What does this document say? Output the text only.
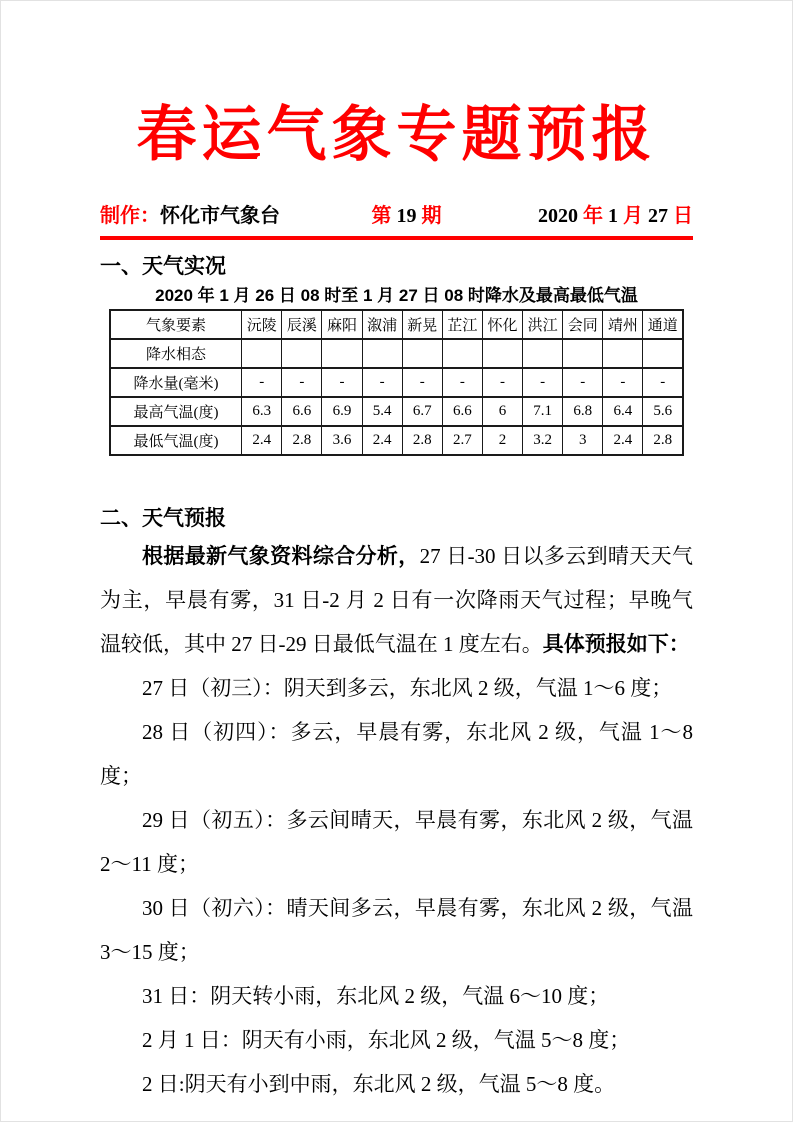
春运气象专题预报
制作：怀化市气象台	第 19 期	2020 年 1 月 27 日
一、天气实况
2020 年 1 月 26 日 08 时至 1 月 27 日 08 时降水及最高最低气温
气象要素	沅陵	辰溪	麻阳	溆浦	新晃	芷江	怀化	洪江	会同	靖州	通道
降水相态											
降水量(毫米)	-	-	-	-	-	-	-	-	-	-	-
最高气温(度)	6.3	6.6	6.9	5.4	6.7	6.6	6	7.1	6.8	6.4	5.6
最低气温(度)	2.4	2.8	3.6	2.4	2.8	2.7	2	3.2	3	2.4	2.8
二、天气预报

根据最新气象资料综合分析，27 日-30 日以多云到晴天天气为主，早晨有雾，31 日-2 月 2 日有一次降雨天气过程；早晚气温较低，其中 27 日-29 日最低气温在 1 度左右。具体预报如下：

27 日（初三）：阴天到多云，东北风 2 级，气温 1～6 度；

28 日（初四）：多云，早晨有雾，东北风 2 级，气温 1～8 度；

29 日（初五）：多云间晴天，早晨有雾，东北风 2 级，气温 2～11 度；

30 日（初六）：晴天间多云，早晨有雾，东北风 2 级，气温 3～15 度；

31 日：阴天转小雨，东北风 2 级，气温 6～10 度；

2 月 1 日：阴天有小雨，东北风 2 级，气温 5～8 度；

2 日:阴天有小到中雨，东北风 2 级，气温 5～8 度。
